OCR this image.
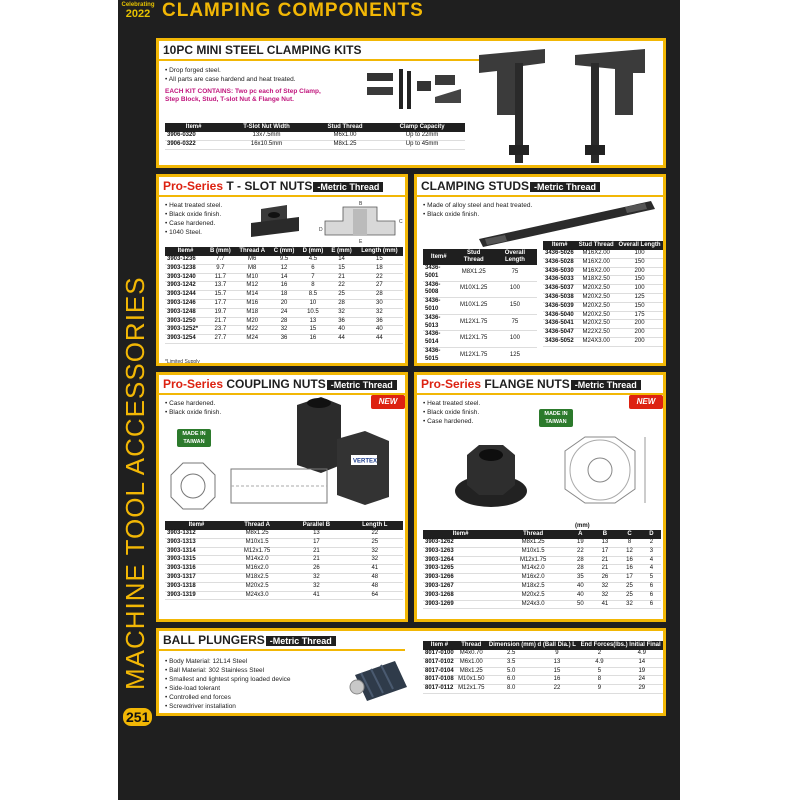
Celebrating
2022 CLAMPING COMPONENTS
MACHINE TOOL ACCESSORIES
251
10PC MINI STEEL CLAMPING KITS
• Drop forged steel.
• All parts are case hardend and heat treated.
EACH KIT CONTAINS: Two pc each of Step Clamp, Step Block, Stud, T-slot Nut & Flange Nut.
Item#	T-Slot Nut Width	Stud Thread	Clamp Capacity
3906-0320	13x7.5mm	M6x1.00	Up to 22mm
3906-0322	16x10.5mm	M8x1.25	Up to 45mm
Pro-Series T - SLOT NUTS -Metric Thread
• Heat treated steel.
• Black oxide finish.
• Case hardened.
• 1040 Steel.
B
C
D
E
Item#	B (mm)	Thread A	C (mm)	D (mm)	E (mm)	Length (mm)
3903-1236	7.7	M6	9.5	4.5	14	15
3903-1238	9.7	M8	12	6	15	18
3903-1240	11.7	M10	14	7	21	22
3903-1242	13.7	M12	16	8	22	27
3903-1244	15.7	M14	18	8.5	25	28
3903-1246	17.7	M16	20	10	28	30
3903-1248	19.7	M18	24	10.5	32	32
3903-1250	21.7	M20	28	13	36	36
3903-1252*	23.7	M22	32	15	40	40
3903-1254	27.7	M24	36	16	44	44
*Limited Supply
CLAMPING STUDS -Metric Thread
• Made of alloy steel and heat treated.
• Black oxide finish.
Item#	Stud Thread	Overall Length
3436-5001	M8X1.25	75
3436-5008	M10X1.25	100
3436-5010	M10X1.25	150
3436-5013	M12X1.75	75
3436-5014	M12X1.75	100
3436-5015	M12X1.75	125

Item#	Stud Thread	Overall Length
3436-5026	M16X2.00	100
3436-5028	M16X2.00	150
3436-5030	M16X2.00	200
3436-5033	M18X2.50	150
3436-5037	M20X2.50	100
3436-5038	M20X2.50	125
3436-5039	M20X2.50	150
3436-5040	M20X2.50	175
3436-5041	M20X2.50	200
3436-5047	M22X2.50	200
3436-5052	M24X3.00	200
Pro-Series COUPLING NUTS -Metric Thread
NEW
• Case hardened.
• Black oxide finish.
MADE IN
TAIWAN
VERTEX
Item#	Thread A	Parallel B	Length L
3903-1312	M8x1.25	13	22
3903-1313	M10x1.5	17	25
3903-1314	M12x1.75	21	32
3903-1315	M14x2.0	21	32
3903-1316	M16x2.0	26	41
3903-1317	M18x2.5	32	48
3903-1318	M20x2.5	32	48
3903-1319	M24x3.0	41	64
Pro-Series FLANGE NUTS -Metric Thread
NEW
• Heat treated steel.
• Black oxide finish.
• Case hardened.
MADE IN
TAIWAN
(mm)
Item#	Thread	A	B	C	D
3903-1262	M8x1.25	19	13	8	2
3903-1263	M10x1.5	22	17	12	3
3903-1264	M12x1.75	28	21	16	4
3903-1265	M14x2.0	28	21	16	4
3903-1266	M16x2.0	35	26	17	5
3903-1267	M18x2.5	40	32	25	6
3903-1268	M20x2.5	40	32	25	6
3903-1269	M24x3.0	50	41	32	6
BALL PLUNGERS -Metric Thread
• Body Material: 12L14 Steel
• Ball Material: 302 Stainless Steel
• Smallest and lightest spring loaded device
• Side-load tolerant
• Controlled end forces
• Screwdriver installation
Item #	Thread	Dimension (mm) d (Ball Dia.) L		End Forces(lbs.) Initial Final	
8017-0100	M4x0.70	2.5	9	2	4.9
8017-0102	M6x1.00	3.5	13	4.9	14
8017-0104	M8x1.25	5.0	15	5	19
8017-0108	M10x1.50	6.0	16	8	24
8017-0112	M12x1.75	8.0	22	9	29
